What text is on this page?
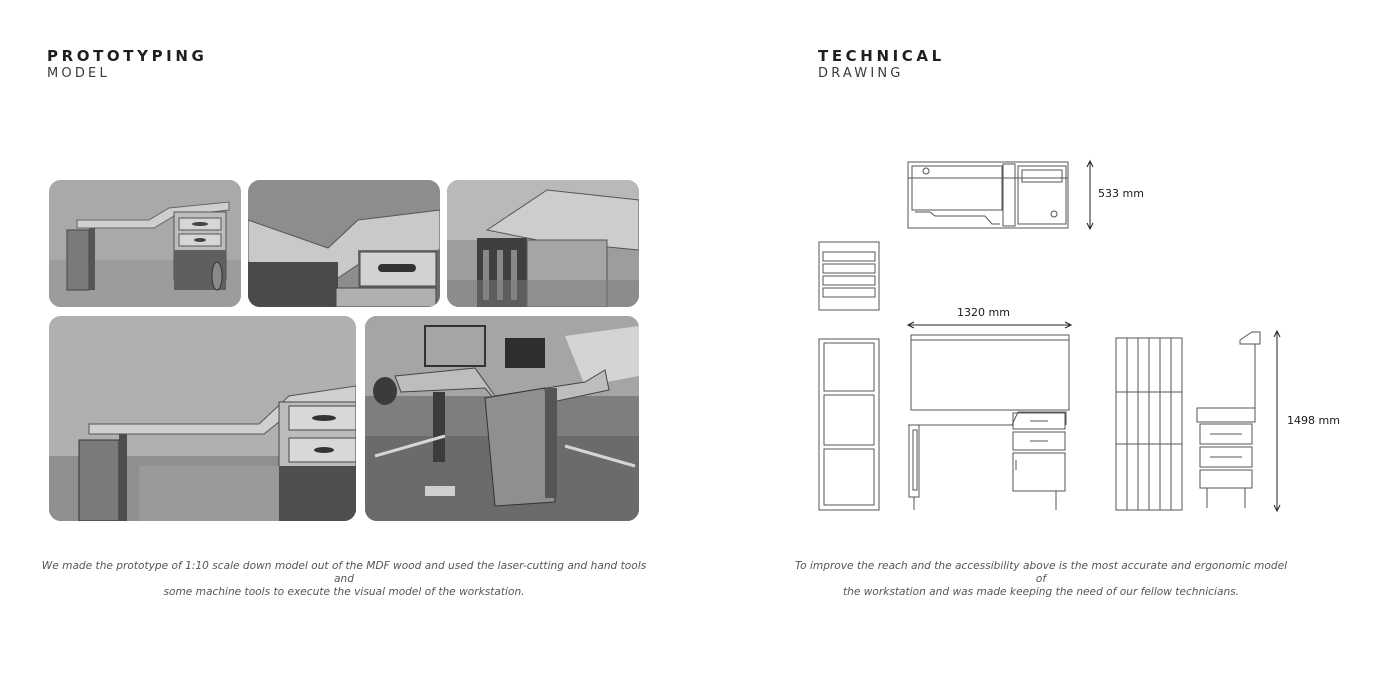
PROTOTYPING
MODEL
We made the prototype of 1:10 scale down model out of the MDF wood and used the laser-cutting and hand tools and
some machine tools to execute the visual model of the workstation.
TECHNICAL
DRAWING
533 mm
1320 mm
1498 mm
To improve the reach and the accessibility above is the most accurate and ergonomic model of
the workstation and was made keeping the need of our fellow technicians.
